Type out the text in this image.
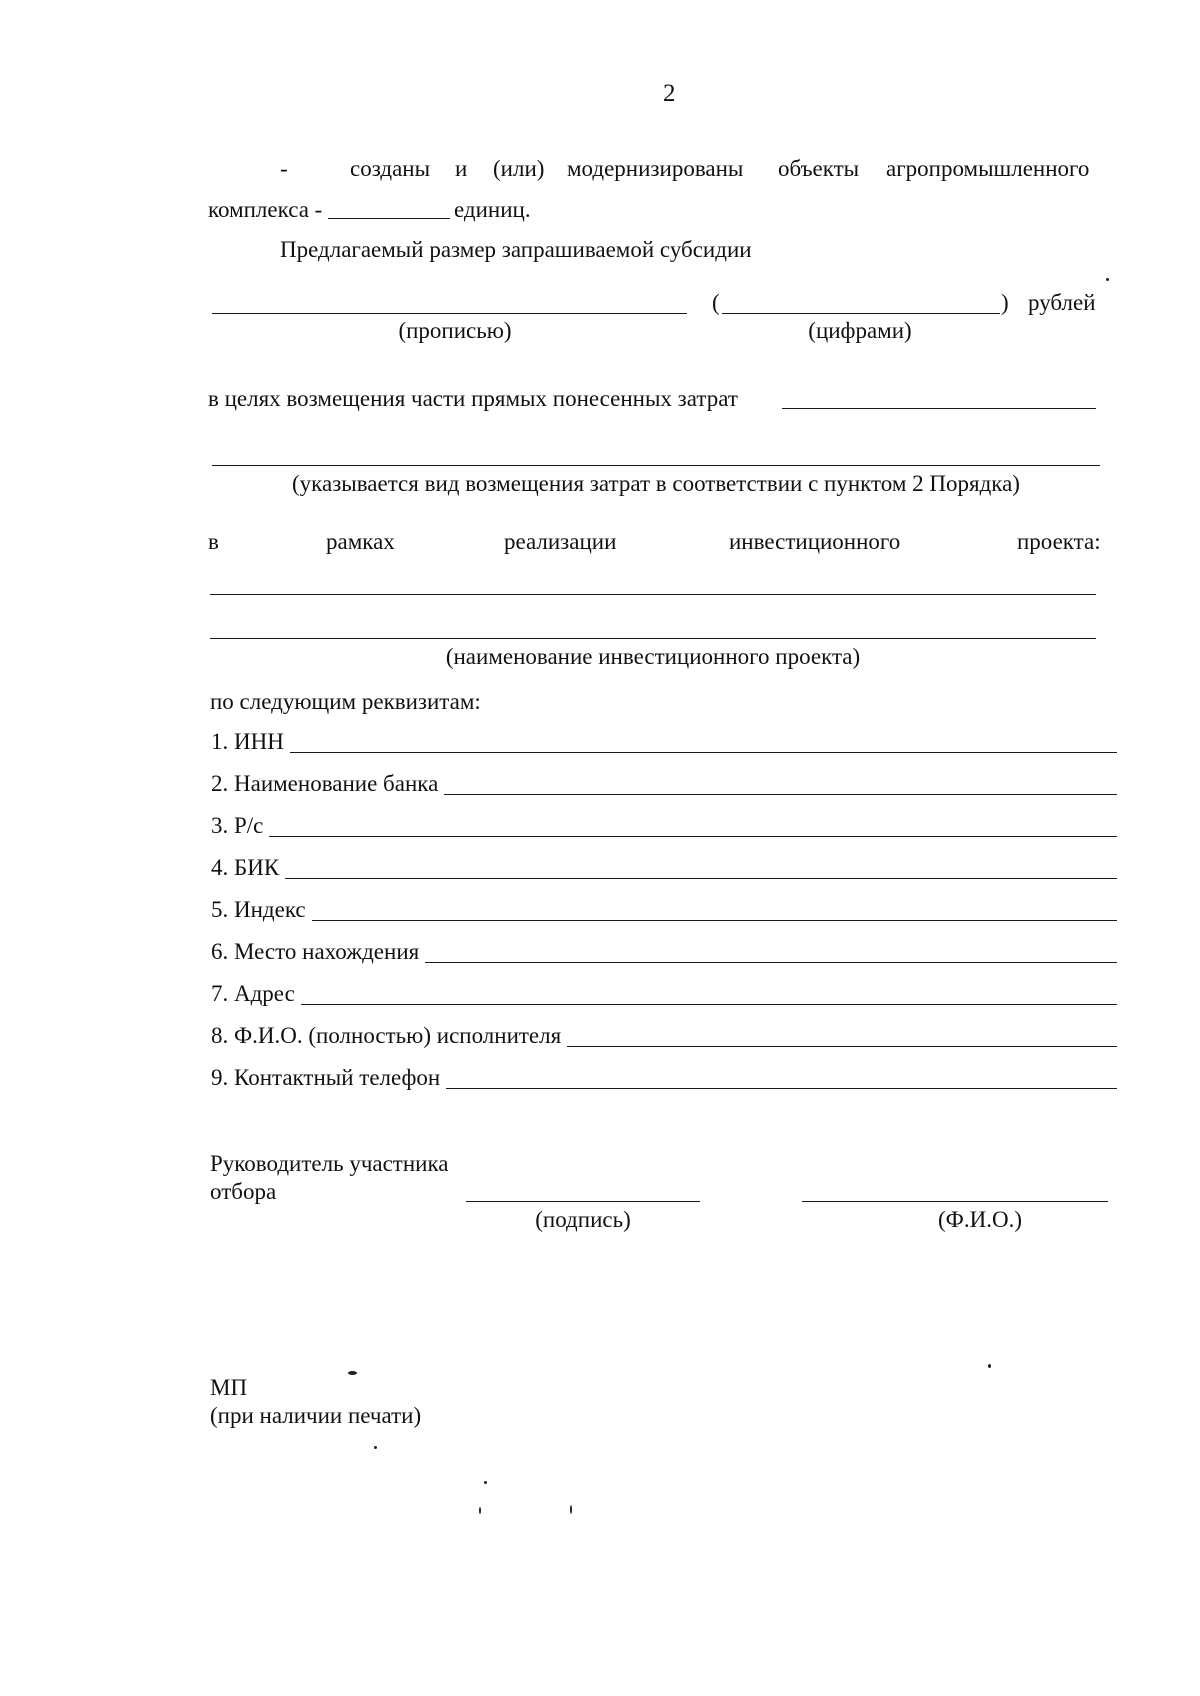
2
-	созданы и (или) модернизированы объекты агропромышленного
комплекса -	единиц.
Предлагаемый размер запрашиваемой субсидии
(	) рублей
(прописью)	(цифрами)
в целях возмещения части прямых понесенных затрат
(указывается вид возмещения затрат в соответствии с пунктом 2 Порядка)
в	рамках	реализации	инвестиционного	проекта:
(наименование инвестиционного проекта)
по следующим реквизитам:
1. ИНН
2. Наименование банка
3. Р/с
4. БИК
5. Индекс
6. Место нахождения
7. Адрес
8. Ф.И.О. (полностью) исполнителя
9. Контактный телефон
Руководитель участника
отбора
(подпись)	(Ф.И.О.)
МП
(при наличии печати)
